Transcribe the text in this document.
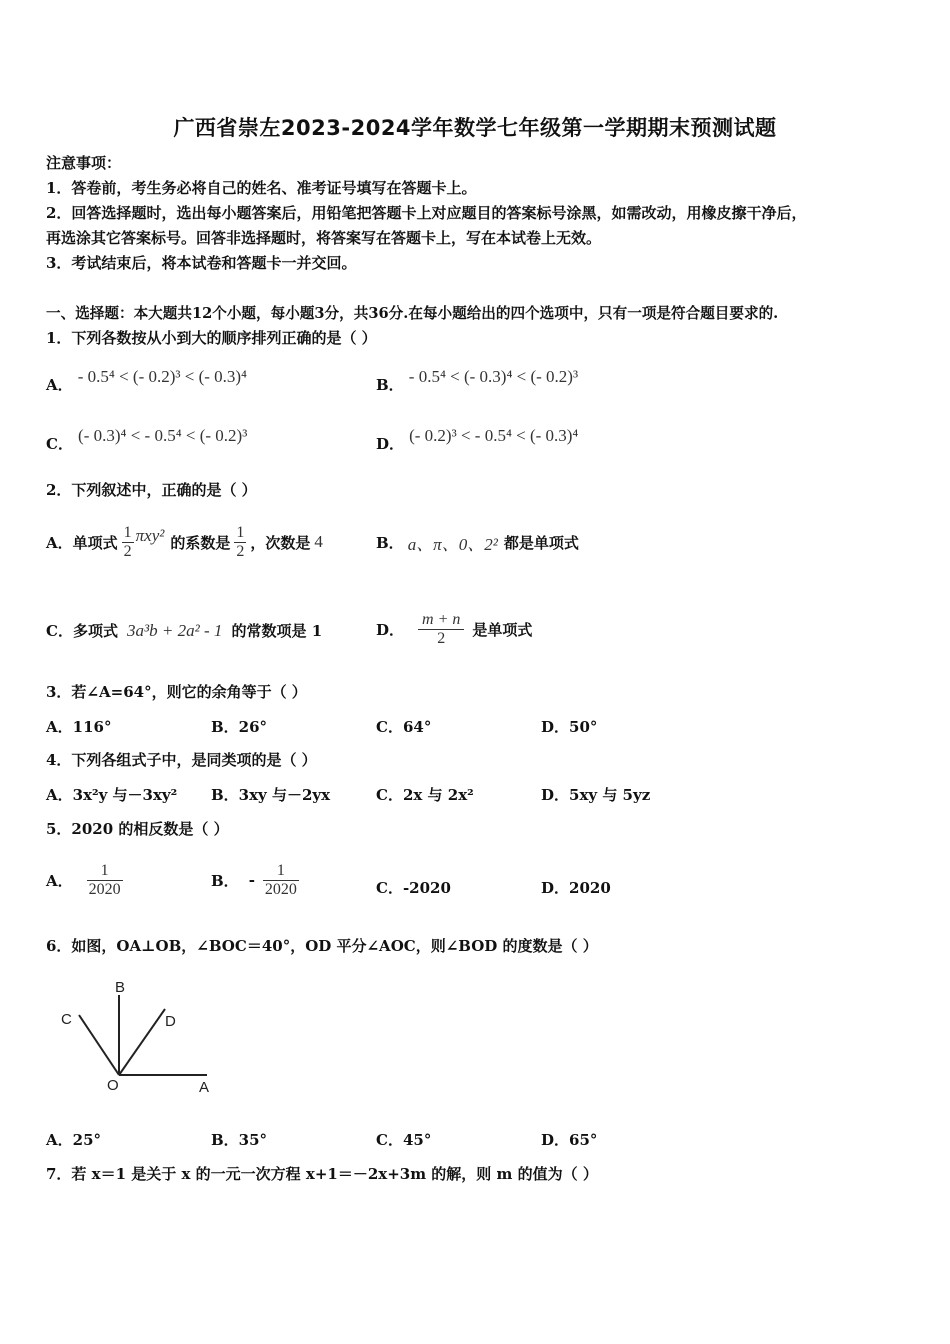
广西省崇左2023-2024学年数学七年级第一学期期末预测试题
注意事项：
1．答卷前，考生务必将自己的姓名、准考证号填写在答题卡上。
2．回答选择题时，选出每小题答案后，用铅笔把答题卡上对应题目的答案标号涂黑，如需改动，用橡皮擦干净后，
再选涂其它答案标号。回答非选择题时，将答案写在答题卡上，写在本试卷上无效。
3．考试结束后，将本试卷和答题卡一并交回。
一、选择题：本大题共12个小题，每小题3分，共36分.在每小题给出的四个选项中，只有一项是符合题目要求的.
1．下列各数按从小到大的顺序排列正确的是（ ）
A． - 0.5⁴ < (- 0.2)³ < (- 0.3)⁴	B． - 0.5⁴ < (- 0.3)⁴ < (- 0.2)³
C． (- 0.3)⁴ < - 0.5⁴ < (- 0.2)³	D． (- 0.2)³ < - 0.5⁴ < (- 0.3)⁴
2．下列叙述中，正确的是（ ）
A．单项式 $\frac{1}{2} \pi xy^2$ 的系数是 $\frac{1}{2}$ ，次数是 4	B． a、π、0、2² 都是单项式
C．多项式 3a³b + 2a² - 1 的常数项是 1	D． $\frac{m + n}{2}$ 是单项式
3．若∠A=64°，则它的余角等于（ ）
A．116°	B．26°	C．64°	D．50°
4．下列各组式子中，是同类项的是（ ）
A．3x²y 与－3xy² B．3xy 与－2yx	C．2x 与 2x²	D．5xy 与 5yz
5．2020 的相反数是（ ）
A． $\frac{1}{2020}$	B． - $\frac{1}{2020}$	C．-2020	D．2020
6．如图，OA⊥OB，∠BOC＝40°，OD 平分∠AOC，则∠BOD 的度数是（ ）
B
C	D
O	A
A．25°	B．35°	C．45°	D．65°
7．若 x＝1 是关于 x 的一元一次方程 x+1＝－2x+3m 的解，则 m 的值为（ ）
